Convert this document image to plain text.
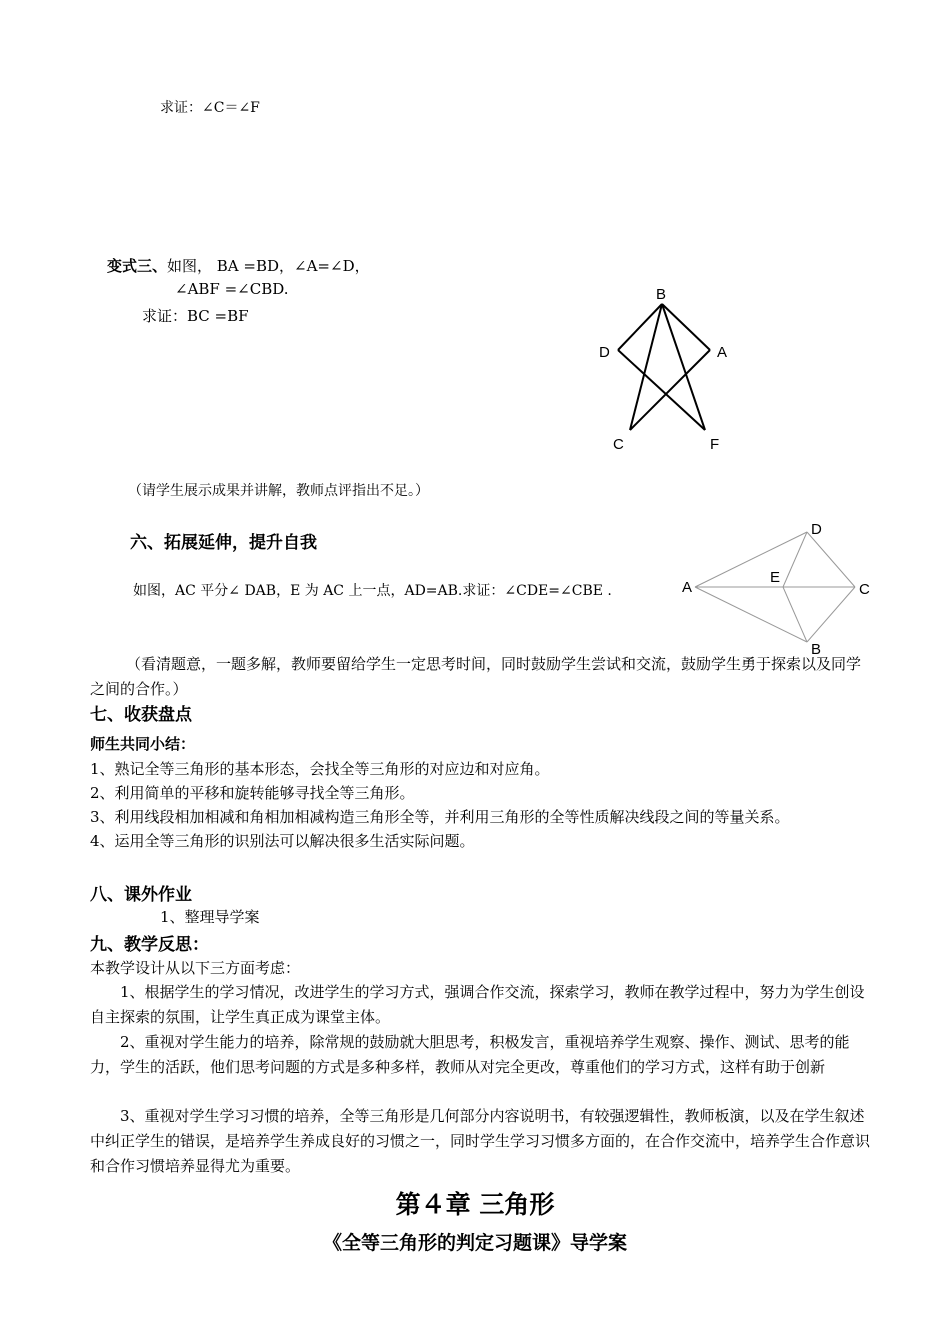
求证：∠C＝∠F
变式三、如图， BA =BD，∠A=∠D，
∠ABF =∠CBD.
求证：BC =BF
B
D	A
C	F
（请学生展示成果并讲解，教师点评指出不足。）
六、拓展延伸，提升自我
如图，AC 平分∠ DAB，E 为 AC 上一点，AD=AB.求证：∠CDE=∠CBE .	A
D
E
C
B
（看清题意，一题多解，教师要留给学生一定思考时间，同时鼓励学生尝试和交流，鼓励学生勇于探索以及同学之间的合作。）
七、收获盘点
师生共同小结：
1、熟记全等三角形的基本形态，会找全等三角形的对应边和对应角。
2、利用简单的平移和旋转能够寻找全等三角形。
3、利用线段相加相减和角相加相减构造三角形全等，并利用三角形的全等性质解决线段之间的等量关系。
4、运用全等三角形的识别法可以解决很多生活实际问题。
八、课外作业
1、整理导学案
九、教学反思：
本教学设计从以下三方面考虑：
1、根据学生的学习情况，改进学生的学习方式，强调合作交流，探索学习，教师在教学过程中，努力为学生创设自主探索的氛围，让学生真正成为课堂主体。
2、重视对学生能力的培养，除常规的鼓励就大胆思考，积极发言，重视培养学生观察、操作、测试、思考的能力，学生的活跃，他们思考问题的方式是多种多样，教师从对完全更改，尊重他们的学习方式，这样有助于创新
3、重视对学生学习习惯的培养，全等三角形是几何部分内容说明书，有较强逻辑性，教师板演，以及在学生叙述中纠正学生的错误，是培养学生养成良好的习惯之一，同时学生学习习惯多方面的，在合作交流中，培养学生合作意识和合作习惯培养显得尤为重要。
第４章 三角形
《全等三角形的判定习题课》导学案
